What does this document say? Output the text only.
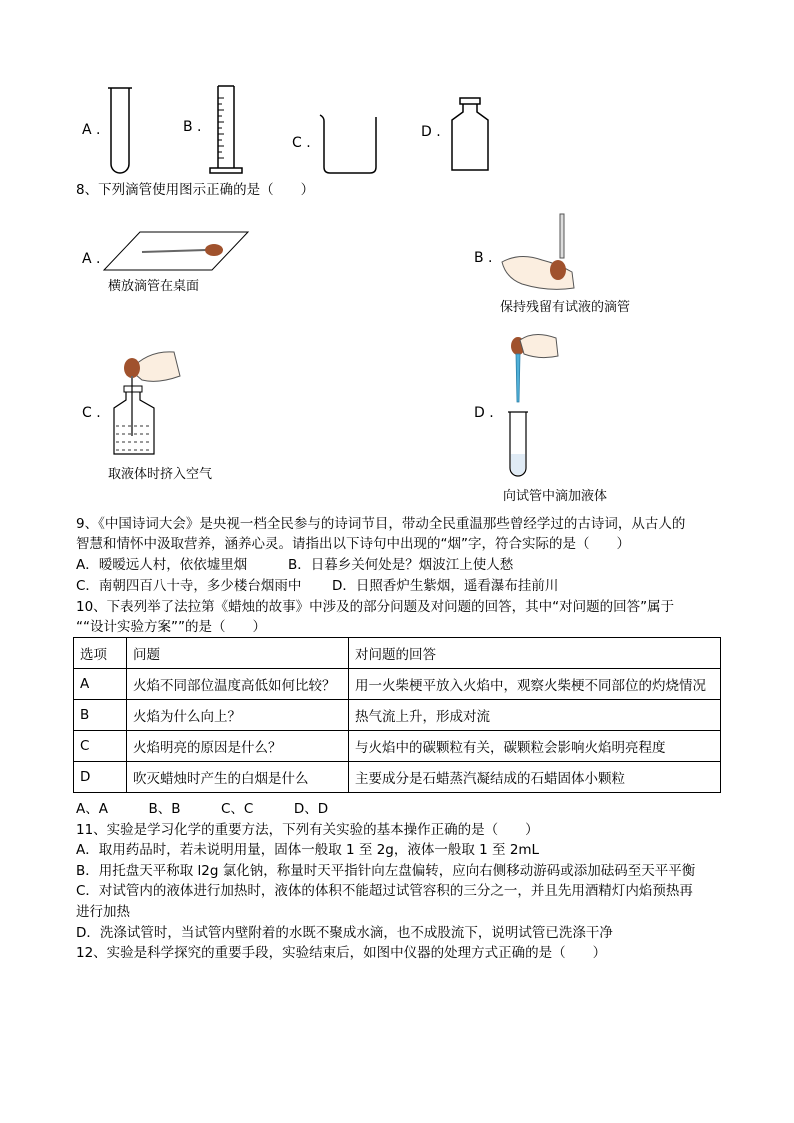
A .	B .
C .
D .
8、下列滴管使用图示正确的是（　　）
A .
横放滴管在桌面
B .
保持残留有试液的滴管
C .
取液体时挤入空气
D .
向试管中滴加液体
9、《中国诗词大会》是央视一档全民参与的诗词节目，带动全民重温那些曾经学过的古诗词，从古人的
智慧和情怀中汲取营养，涵养心灵。请指出以下诗句中出现的“烟”字，符合实际的是（　　）
A．暧暧远人村，依依墟里烟	B．日暮乡关何处是？烟波江上使人愁
C．南朝四百八十寺，多少楼台烟雨中 D．日照香炉生紫烟，遥看瀑布挂前川
10、下表列举了法拉第《蜡烛的故事》中涉及的部分问题及对问题的回答，其中“对问题的回答”属于
““设计实验方案””的是（　　）
选项	问题	对问题的回答
A	火焰不同部位温度高低如何比较？	用一火柴梗平放入火焰中，观察火柴梗不同部位的灼烧情况
B	火焰为什么向上？	热气流上升，形成对流
C	火焰明亮的原因是什么？	与火焰中的碳颗粒有关，碳颗粒会影响火焰明亮程度
D	吹灭蜡烛时产生的白烟是什么	主要成分是石蜡蒸汽凝结成的石蜡固体小颗粒
A、A　　　B、B　　　C、C　　　D、D
11、实验是学习化学的重要方法，下列有关实验的基本操作正确的是（　　）
A．取用药品时，若未说明用量，固体一般取 1 至 2g，液体一般取 1 至 2mL
B．用托盘天平称取 l2g 氯化钠，称量时天平指针向左盘偏转，应向右侧移动游码或添加砝码至天平平衡
C．对试管内的液体进行加热时，液体的体积不能超过试管容积的三分之一，并且先用酒精灯内焰预热再
进行加热
D．洗涤试管时，当试管内壁附着的水既不聚成水滴，也不成股流下，说明试管已洗涤干净
12、实验是科学探究的重要手段，实验结束后，如图中仪器的处理方式正确的是（　　）
